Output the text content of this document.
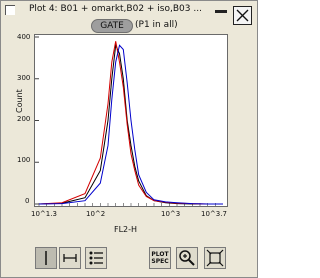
Plot 4: B01 + omarkt,B02 + iso,B03 ...
GATE	(P1 in all)
400
300
200
100
0
Count
10^1.3	10^2	10^3	10^3.7
FL2-H
PLOT
SPEC
